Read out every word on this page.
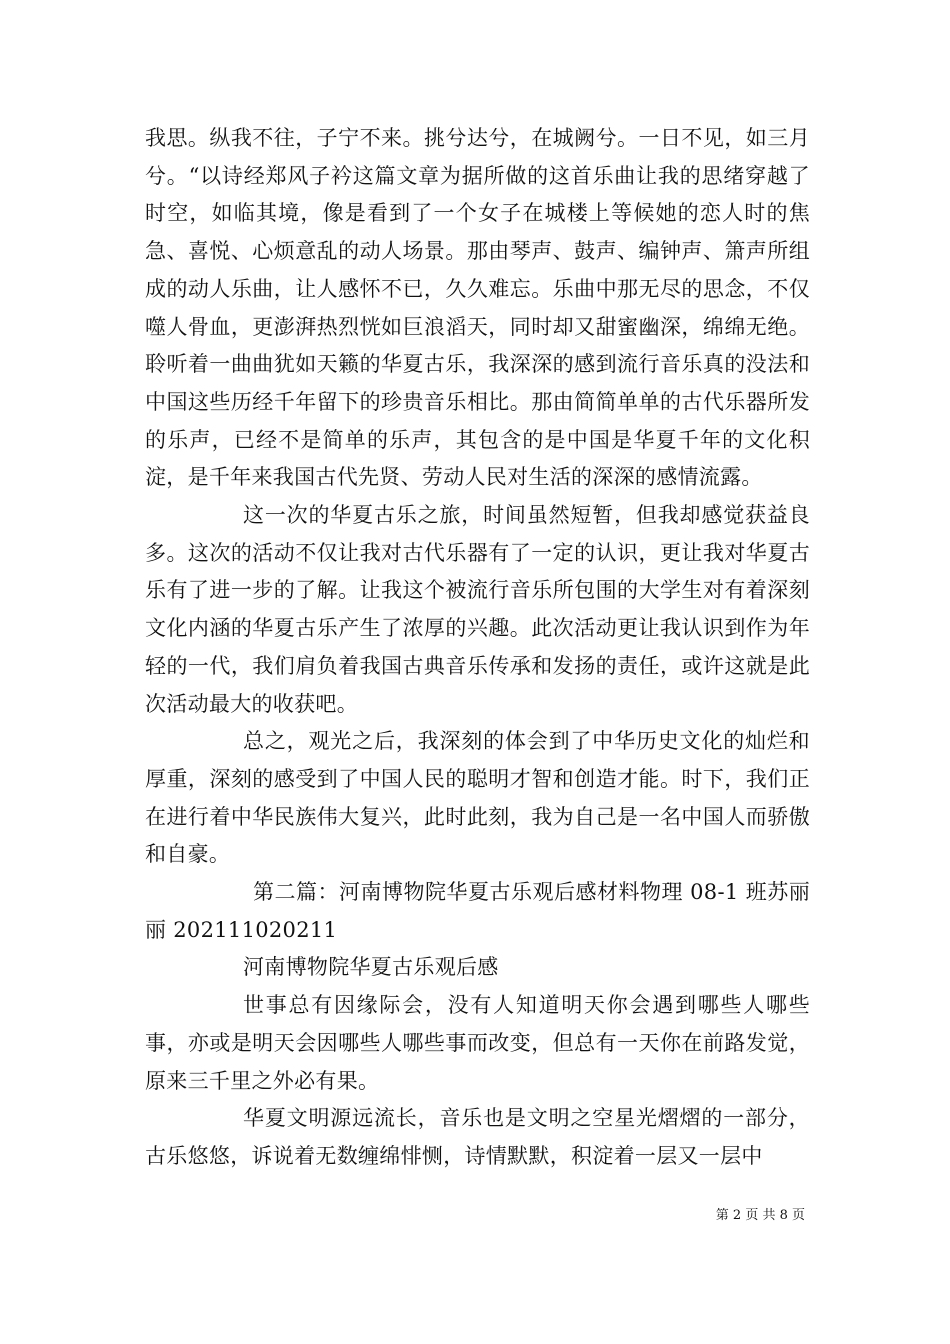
我思。纵我不往，子宁不来。挑兮达兮，在城阙兮。一日不见，如三月兮。“以诗经郑风子衿这篇文章为据所做的这首乐曲让我的思绪穿越了时空，如临其境，像是看到了一个女子在城楼上等候她的恋人时的焦急、喜悦、心烦意乱的动人场景。那由琴声、鼓声、编钟声、箫声所组成的动人乐曲，让人感怀不已，久久难忘。乐曲中那无尽的思念，不仅噬人骨血，更澎湃热烈恍如巨浪滔天，同时却又甜蜜幽深，绵绵无绝。聆听着一曲曲犹如天籁的华夏古乐，我深深的感到流行音乐真的没法和中国这些历经千年留下的珍贵音乐相比。那由简简单单的古代乐器所发的乐声，已经不是简单的乐声，其包含的是中国是华夏千年的文化积淀，是千年来我国古代先贤、劳动人民对生活的深深的感情流露。

这一次的华夏古乐之旅，时间虽然短暂，但我却感觉获益良多。这次的活动不仅让我对古代乐器有了一定的认识，更让我对华夏古乐有了进一步的了解。让我这个被流行音乐所包围的大学生对有着深刻文化内涵的华夏古乐产生了浓厚的兴趣。此次活动更让我认识到作为年轻的一代，我们肩负着我国古典音乐传承和发扬的责任，或许这就是此次活动最大的收获吧。

总之，观光之后，我深刻的体会到了中华历史文化的灿烂和厚重，深刻的感受到了中国人民的聪明才智和创造才能。时下，我们正在进行着中华民族伟大复兴，此时此刻，我为自己是一名中国人而骄傲和自豪。

第二篇：河南博物院华夏古乐观后感材料物理 08-1 班苏丽丽 202111020211

河南博物院华夏古乐观后感

世事总有因缘际会，没有人知道明天你会遇到哪些人哪些事，亦或是明天会因哪些人哪些事而改变，但总有一天你在前路发觉，原来三千里之外必有果。

华夏文明源远流长，音乐也是文明之空星光熠熠的一部分，古乐悠悠，诉说着无数缠绵悱恻，诗情默默，积淀着一层又一层中

第 2 页 共 8 页
